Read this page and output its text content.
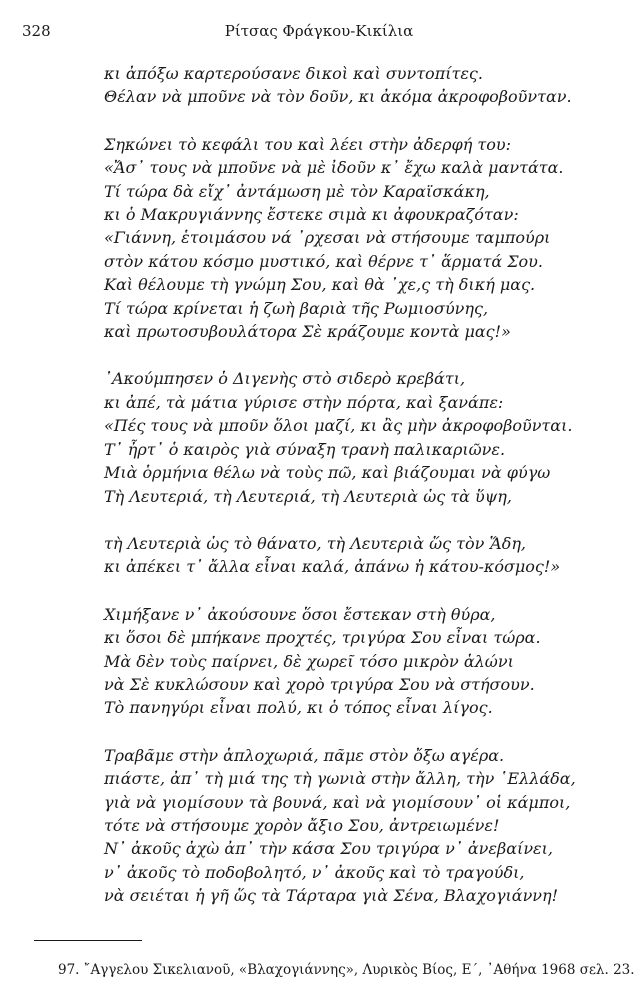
328	Ρίτσας Φράγκου-Κικίλια
κι ἀπόξω καρτερούσανε δικοὶ καὶ συντοπίτες.
Θέλαν νὰ μποῦνε νὰ τὸν δοῦν, κι ἀκόμα ἀκροφοβοῦνταν.
Σηκώνει τὸ κεφάλι του καὶ λέει στὴν ἀδερφή του:
«Ἄσ᾽ τους νὰ μποῦνε νὰ μὲ ἰδοῦν κ᾽ ἔχω καλὰ μαντάτα.
Τί τώρα δὰ εἴχ᾽ ἀντάμωση μὲ τὸν Καραϊσκάκη,
κι ὁ Μακρυγιάννης ἔστεκε σιμὰ κι ἀφουκραζόταν:
«Γιάννη, ἑτοιμάσου νά ᾽ρχεσαι νὰ στήσουμε ταμπούρι
στὸν κάτου κόσμο μυστικό, καὶ θέρνε τ᾽ ἅρματά Σου.
Καὶ θέλουμε τὴ γνώμη Σου, καὶ θὰ ᾽χε,ς τὴ δική μας.
Τί τώρα κρίνεται ἡ ζωὴ βαριὰ τῆς Ρωμιοσύνης,
καὶ πρωτοσυβουλάτορα Σὲ κράζουμε κοντὰ μας!»
᾽Ακούμπησεν ὁ Διγενὴς στὸ σιδερὸ κρεβάτι,
κι ἀπέ, τὰ μάτια γύρισε στὴν πόρτα, καὶ ξανάπε:
«Πές τους νὰ μποῦν ὅλοι μαζί, κι ἂς μὴν ἀκροφοβοῦνται.
Τ᾽ ἦρτ᾽ ὁ καιρὸς γιὰ σύναξη τρανὴ παλικαριῶνε.
Μιὰ ὁρμήνια θέλω νὰ τοὺς πῶ, καὶ βιάζουμαι νὰ φύγω
Τὴ Λευτεριά, τὴ Λευτεριά, τὴ Λευτεριὰ ὡς τὰ ὕψη,
τὴ Λευτεριὰ ὡς τὸ θάνατο, τὴ Λευτεριὰ ὥς τὸν Ἅδη,
κι ἀπέκει τ᾽ ἄλλα εἶναι καλά, ἀπάνω ἡ κάτου-κόσμος!»
Χιμήξανε ν᾽ ἀκούσουνε ὅσοι ἔστεκαν στὴ θύρα,
κι ὅσοι δὲ μπήκανε προχτές, τριγύρα Σου εἶναι τώρα.
Μὰ δὲν τοὺς παίρνει, δὲ χωρεῖ τόσο μικρὸν ἁλώνι
νὰ Σὲ κυκλώσουν καὶ χορὸ τριγύρα Σου νὰ στήσουν.
Τὸ πανηγύρι εἶναι πολύ, κι ὁ τόπος εἶναι λίγος.
Τραβᾶμε στὴν ἁπλοχωριά, πᾶμε στὸν ὄξω αγέρα.
πιάστε, ἀπ᾽ τὴ μιά της τὴ γωνιὰ στὴν ἄλλη, τὴν ῾Ελλάδα,
γιὰ νὰ γιομίσουν τὰ βουνά, καὶ νὰ γιομίσουν᾽ οἱ κάμποι,
τότε νὰ στήσουμε χορὸν ἄξιο Σου, ἀντρειωμένε!
Ν᾽ ἀκοῦς ἀχὼ ἀπ᾽ τὴν κάσα Σου τριγύρα ν᾽ ἀνεβαίνει,
ν᾽ ἀκοῦς τὸ ποδοβολητό, ν᾽ ἀκοῦς καὶ τὸ τραγούδι,
νὰ σειέται ἡ γῆ ὥς τὰ Τάρταρα γιὰ Σένα, Βλαχογιάννη!
97. ῎Αγγελου Σικελιανοῦ, «Βλαχογιάννης», Λυρικὸς Βίος, Ε΄, ᾽Αθήνα 1968 σελ. 23.
